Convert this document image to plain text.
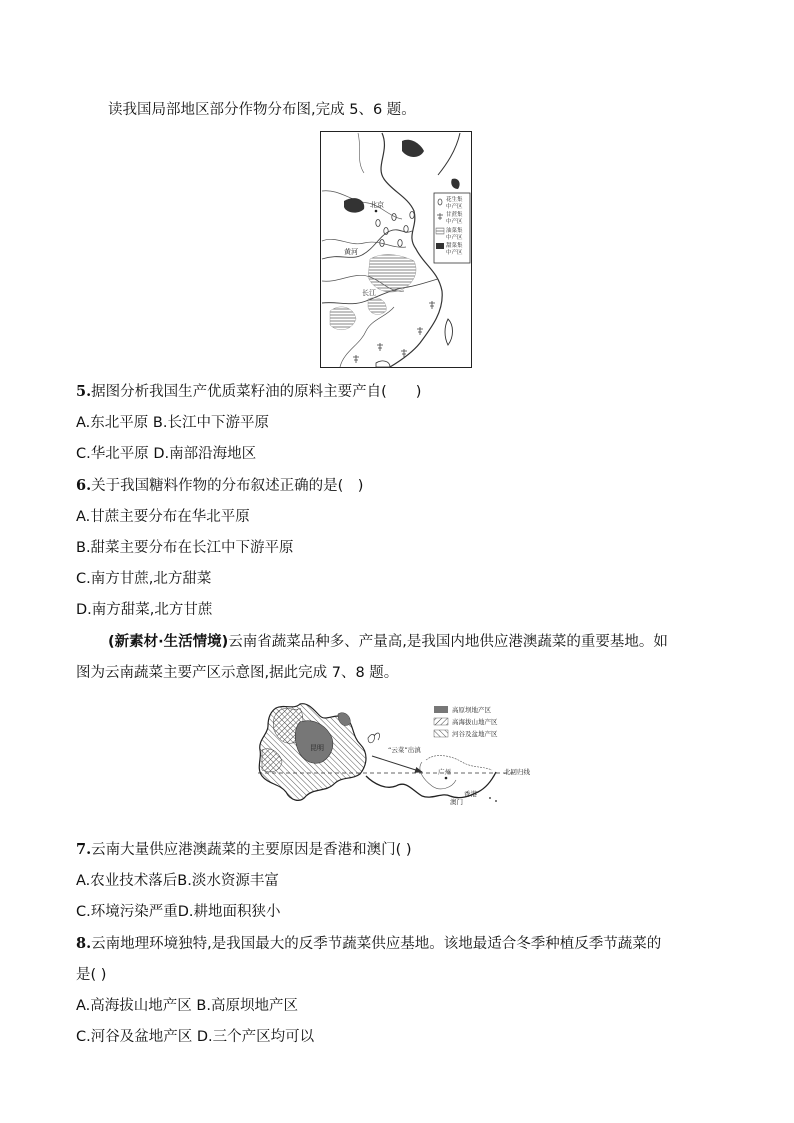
读我国局部地区部分作物分布图,完成 5、6 题。
北京
黄河
长江
花生集
中产区
甘蔗集
中产区
油菜集
中产区
甜菜集
中产区
5.据图分析我国生产优质菜籽油的原料主要产自(　　)
A.东北平原 B.长江中下游平原
C.华北平原 D.南部沿海地区
6.关于我国糖料作物的分布叙述正确的是(　)
A.甘蔗主要分布在华北平原
B.甜菜主要分布在长江中下游平原
C.南方甘蔗,北方甜菜
D.南方甜菜,北方甘蔗
(新素材·生活情境)云南省蔬菜品种多、产量高,是我国内地供应港澳蔬菜的重要基地。如
图为云南蔬菜主要产区示意图,据此完成 7、8 题。
昆明
北回归线
“云菜”出滇
广州
香港
澳门
高原坝地产区
高海拔山地产区
河谷及盆地产区
7.云南大量供应港澳蔬菜的主要原因是香港和澳门( )
A.农业技术落后B.淡水资源丰富
C.环境污染严重D.耕地面积狭小
8.云南地理环境独特,是我国最大的反季节蔬菜供应基地。该地最适合冬季种植反季节蔬菜的
是( )
A.高海拔山地产区 B.高原坝地产区
C.河谷及盆地产区 D.三个产区均可以
